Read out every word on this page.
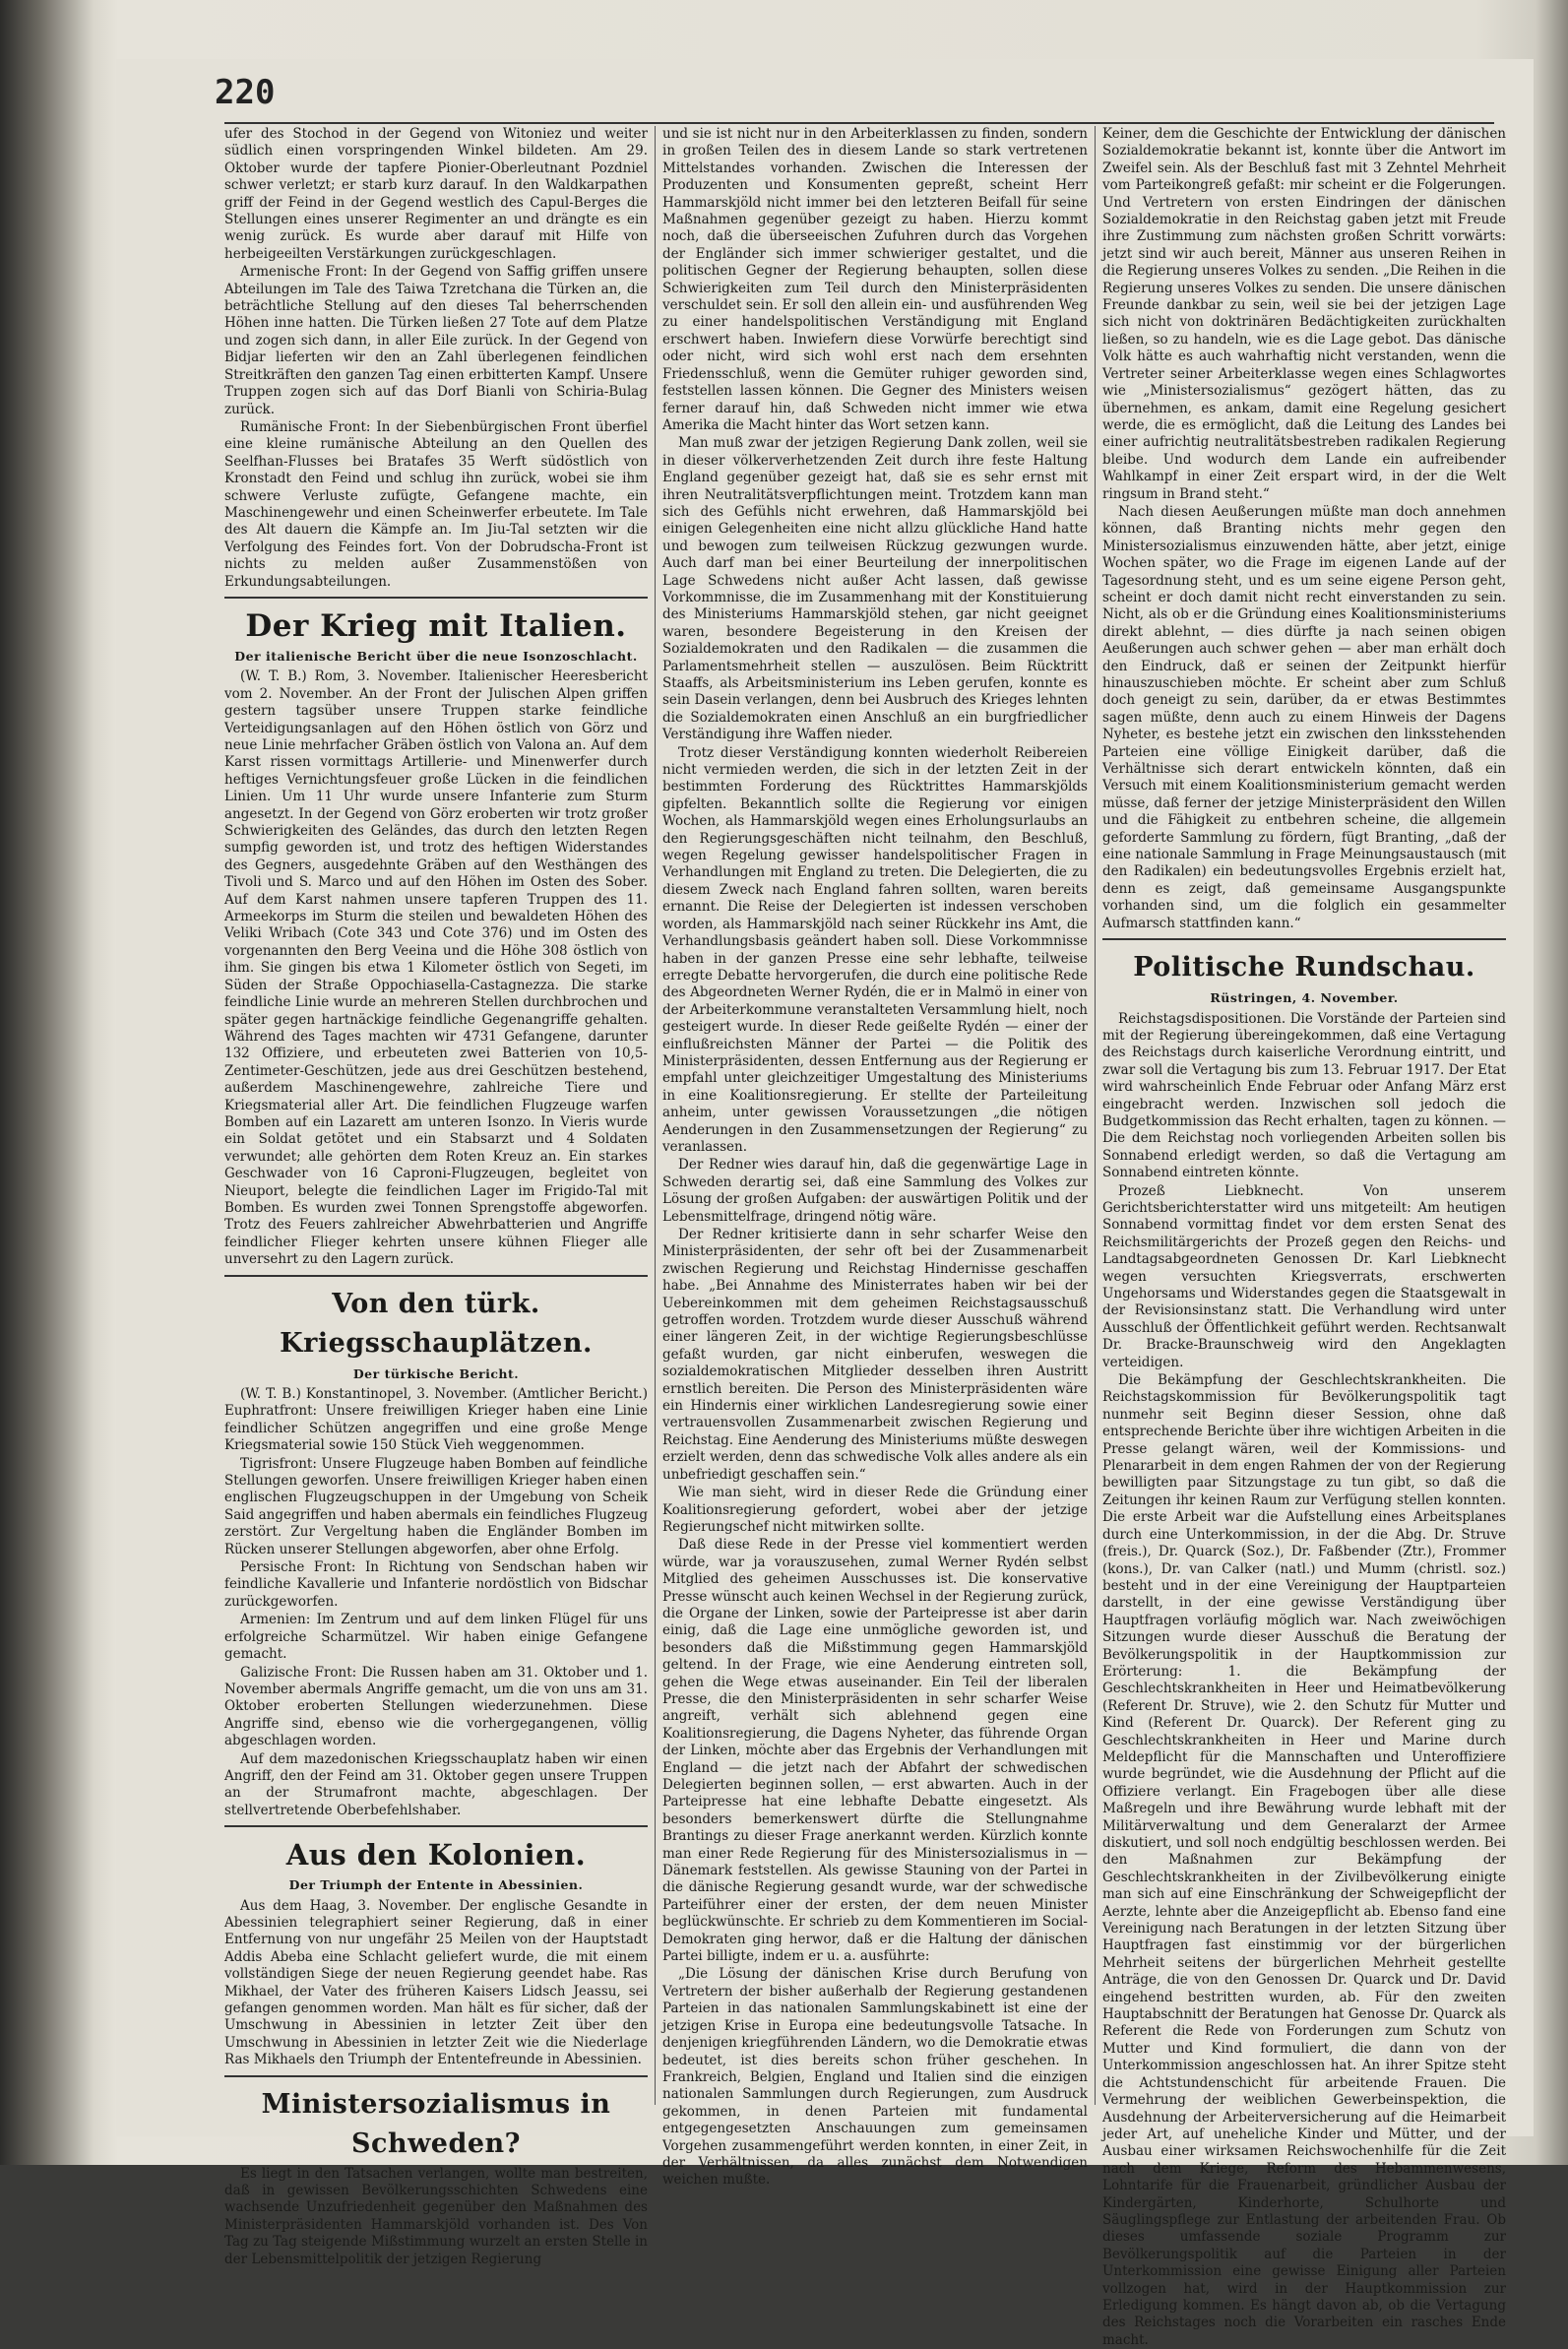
220

ufer des Stochod in der Gegend von Witoniez und weiter südlich einen vorspringenden Winkel bildeten. Am 29. Oktober wurde der tapfere Pionier-Oberleutnant Pozdniel schwer verletzt; er starb kurz darauf. In den Waldkarpathen griff der Feind in der Gegend westlich des Capul-Berges die Stellungen eines unserer Regimenter an und drängte es ein wenig zurück. Es wurde aber darauf mit Hilfe von herbeigeeilten Verstärkungen zurückgeschlagen.

Armenische Front: In der Gegend von Saffig griffen unsere Abteilungen im Tale des Taiwa Tzretchana die Türken an, die beträchtliche Stellung auf den dieses Tal beherrschenden Höhen inne hatten. Die Türken ließen 27 Tote auf dem Platze und zogen sich dann, in aller Eile zurück. In der Gegend von Bidjar lieferten wir den an Zahl überlegenen feindlichen Streitkräften den ganzen Tag einen erbitterten Kampf. Unsere Truppen zogen sich auf das Dorf Bianli von Schiria-Bulag zurück.

Rumänische Front: In der Siebenbürgischen Front überfiel eine kleine rumänische Abteilung an den Quellen des Seelfhan-Flusses bei Bratafes 35 Werft südöstlich von Kronstadt den Feind und schlug ihn zurück, wobei sie ihm schwere Verluste zufügte, Gefangene machte, ein Maschinengewehr und einen Scheinwerfer erbeutete. Im Tale des Alt dauern die Kämpfe an. Im Jiu-Tal setzten wir die Verfolgung des Feindes fort. Von der Dobrudscha-Front ist nichts zu melden außer Zusammenstößen von Erkundungsabteilungen.

Der Krieg mit Italien.
Der italienische Bericht über die neue Isonzoschlacht.

(W. T. B.) Rom, 3. November. Italienischer Heeresbericht vom 2. November. An der Front der Julischen Alpen griffen gestern tagsüber unsere Truppen starke feindliche Verteidigungsanlagen auf den Höhen östlich von Görz und neue Linie mehrfacher Gräben östlich von Valona an. Auf dem Karst rissen vormittags Artillerie- und Minenwerfer durch heftiges Vernichtungsfeuer große Lücken in die feindlichen Linien. Um 11 Uhr wurde unsere Infanterie zum Sturm angesetzt. In der Gegend von Görz eroberten wir trotz großer Schwierigkeiten des Geländes, das durch den letzten Regen sumpfig geworden ist, und trotz des heftigen Widerstandes des Gegners, ausgedehnte Gräben auf den Westhängen des Tivoli und S. Marco und auf den Höhen im Osten des Sober. Auf dem Karst nahmen unsere tapferen Truppen des 11. Armeekorps im Sturm die steilen und bewaldeten Höhen des Veliki Wribach (Cote 343 und Cote 376) und im Osten des vorgenannten den Berg Veeina und die Höhe 308 östlich von ihm. Sie gingen bis etwa 1 Kilometer östlich von Segeti, im Süden der Straße Oppochiasella-Castagnezza. Die starke feindliche Linie wurde an mehreren Stellen durchbrochen und später gegen hartnäckige feindliche Gegenangriffe gehalten. Während des Tages machten wir 4731 Gefangene, darunter 132 Offiziere, und erbeuteten zwei Batterien von 10,5-Zentimeter-Geschützen, jede aus drei Geschützen bestehend, außerdem Maschinengewehre, zahlreiche Tiere und Kriegsmaterial aller Art. Die feindlichen Flugzeuge warfen Bomben auf ein Lazarett am unteren Isonzo. In Vieris wurde ein Soldat getötet und ein Stabsarzt und 4 Soldaten verwundet; alle gehörten dem Roten Kreuz an. Ein starkes Geschwader von 16 Caproni-Flugzeugen, begleitet von Nieuport, belegte die feindlichen Lager im Frigido-Tal mit Bomben. Es wurden zwei Tonnen Sprengstoffe abgeworfen. Trotz des Feuers zahlreicher Abwehrbatterien und Angriffe feindlicher Flieger kehrten unsere kühnen Flieger alle unversehrt zu den Lagern zurück.

Von den türk. Kriegsschauplätzen.
Der türkische Bericht.

(W. T. B.) Konstantinopel, 3. November. (Amtlicher Bericht.) Euphratfront: Unsere freiwilligen Krieger haben eine Linie feindlicher Schützen angegriffen und eine große Menge Kriegsmaterial sowie 150 Stück Vieh weggenommen.

Tigrisfront: Unsere Flugzeuge haben Bomben auf feindliche Stellungen geworfen. Unsere freiwilligen Krieger haben einen englischen Flugzeugschuppen in der Umgebung von Scheik Said angegriffen und haben abermals ein feindliches Flugzeug zerstört. Zur Vergeltung haben die Engländer Bomben im Rücken unserer Stellungen abgeworfen, aber ohne Erfolg.

Persische Front: In Richtung von Sendschan haben wir feindliche Kavallerie und Infanterie nordöstlich von Bidschar zurückgeworfen.

Armenien: Im Zentrum und auf dem linken Flügel für uns erfolgreiche Scharmützel. Wir haben einige Gefangene gemacht.

Galizische Front: Die Russen haben am 31. Oktober und 1. November abermals Angriffe gemacht, um die von uns am 31. Oktober eroberten Stellungen wiederzunehmen. Diese Angriffe sind, ebenso wie die vorhergegangenen, völlig abgeschlagen worden.

Auf dem mazedonischen Kriegsschauplatz haben wir einen Angriff, den der Feind am 31. Oktober gegen unsere Truppen an der Strumafront machte, abgeschlagen. Der stellvertretende Oberbefehlshaber.

Aus den Kolonien.
Der Triumph der Entente in Abessinien.

Aus dem Haag, 3. November. Der englische Gesandte in Abessinien telegraphiert seiner Regierung, daß in einer Entfernung von nur ungefähr 25 Meilen von der Hauptstadt Addis Abeba eine Schlacht geliefert wurde, die mit einem vollständigen Siege der neuen Regierung geendet habe. Ras Mikhael, der Vater des früheren Kaisers Lidsch Jeassu, sei gefangen genommen worden. Man hält es für sicher, daß der Umschwung in Abessinien in letzter Zeit über den Umschwung in Abessinien in letzter Zeit wie die Niederlage Ras Mikhaels den Triumph der Ententefreunde in Abessinien.

Ministersozialismus in Schweden?

Es liegt in den Tatsachen verlangen, wollte man bestreiten, daß in gewissen Bevölkerungsschichten Schwedens eine wachsende Unzufriedenheit gegenüber den Maßnahmen des Ministerpräsidenten Hammarskjöld vorhanden ist. Des Von Tag zu Tag steigende Mißstimmung wurzelt an ersten Stelle in der Lebensmittelpolitik der jetzigen Regierung

und sie ist nicht nur in den Arbeiterklassen zu finden, sondern in großen Teilen des in diesem Lande so stark vertretenen Mittelstandes vorhanden. Zwischen die Interessen der Produzenten und Konsumenten gepreßt, scheint Herr Hammarskjöld nicht immer bei den letzteren Beifall für seine Maßnahmen gegenüber gezeigt zu haben. Hierzu kommt noch, daß die überseeischen Zufuhren durch das Vorgehen der Engländer sich immer schwieriger gestaltet, und die politischen Gegner der Regierung behaupten, sollen diese Schwierigkeiten zum Teil durch den Ministerpräsidenten verschuldet sein. Er soll den allein ein- und ausführenden Weg zu einer handelspolitischen Verständigung mit England erschwert haben. Inwiefern diese Vorwürfe berechtigt sind oder nicht, wird sich wohl erst nach dem ersehnten Friedensschluß, wenn die Gemüter ruhiger geworden sind, feststellen lassen können. Die Gegner des Ministers weisen ferner darauf hin, daß Schweden nicht immer wie etwa Amerika die Macht hinter das Wort setzen kann.

Man muß zwar der jetzigen Regierung Dank zollen, weil sie in dieser völkerverhetzenden Zeit durch ihre feste Haltung England gegenüber gezeigt hat, daß sie es sehr ernst mit ihren Neutralitätsverpflichtungen meint. Trotzdem kann man sich des Gefühls nicht erwehren, daß Hammarskjöld bei einigen Gelegenheiten eine nicht allzu glückliche Hand hatte und bewogen zum teilweisen Rückzug gezwungen wurde. Auch darf man bei einer Beurteilung der innerpolitischen Lage Schwedens nicht außer Acht lassen, daß gewisse Vorkommnisse, die im Zusammenhang mit der Konstituierung des Ministeriums Hammarskjöld stehen, gar nicht geeignet waren, besondere Begeisterung in den Kreisen der Sozialdemokraten und den Radikalen — die zusammen die Parlamentsmehrheit stellen — auszulösen. Beim Rücktritt Staaffs, als Arbeitsministerium ins Leben gerufen, konnte es sein Dasein verlangen, denn bei Ausbruch des Krieges lehnten die Sozialdemokraten einen Anschluß an ein burgfriedlicher Verständigung ihre Waffen nieder.

Trotz dieser Verständigung konnten wiederholt Reibereien nicht vermieden werden, die sich in der letzten Zeit in der bestimmten Forderung des Rücktrittes Hammarskjölds gipfelten. Bekanntlich sollte die Regierung vor einigen Wochen, als Hammarskjöld wegen eines Erholungsurlaubs an den Regierungsgeschäften nicht teilnahm, den Beschluß, wegen Regelung gewisser handelspolitischer Fragen in Verhandlungen mit England zu treten. Die Delegierten, die zu diesem Zweck nach England fahren sollten, waren bereits ernannt. Die Reise der Delegierten ist indessen verschoben worden, als Hammarskjöld nach seiner Rückkehr ins Amt, die Verhandlungsbasis geändert haben soll. Diese Vorkommnisse haben in der ganzen Presse eine sehr lebhafte, teilweise erregte Debatte hervorgerufen, die durch eine politische Rede des Abgeordneten Werner Rydén, die er in Malmö in einer von der Arbeiterkommune veranstalteten Versammlung hielt, noch gesteigert wurde. In dieser Rede geißelte Rydén — einer der einflußreichsten Männer der Partei — die Politik des Ministerpräsidenten, dessen Entfernung aus der Regierung er empfahl unter gleichzeitiger Umgestaltung des Ministeriums in eine Koalitionsregierung. Er stellte der Parteileitung anheim, unter gewissen Voraussetzungen „die nötigen Aenderungen in den Zusammensetzungen der Regierung“ zu veranlassen.

Der Redner wies darauf hin, daß die gegenwärtige Lage in Schweden derartig sei, daß eine Sammlung des Volkes zur Lösung der großen Aufgaben: der auswärtigen Politik und der Lebensmittelfrage, dringend nötig wäre.

Der Redner kritisierte dann in sehr scharfer Weise den Ministerpräsidenten, der sehr oft bei der Zusammenarbeit zwischen Regierung und Reichstag Hindernisse geschaffen habe. „Bei Annahme des Ministerrates haben wir bei der Uebereinkommen mit dem geheimen Reichstagsausschuß getroffen worden. Trotzdem wurde dieser Ausschuß während einer längeren Zeit, in der wichtige Regierungsbeschlüsse gefaßt wurden, gar nicht einberufen, weswegen die sozialdemokratischen Mitglieder desselben ihren Austritt ernstlich bereiten. Die Person des Ministerpräsidenten wäre ein Hindernis einer wirklichen Landesregierung sowie einer vertrauensvollen Zusammenarbeit zwischen Regierung und Reichstag. Eine Aenderung des Ministeriums müßte deswegen erzielt werden, denn das schwedische Volk alles andere als ein unbefriedigt geschaffen sein.“

Wie man sieht, wird in dieser Rede die Gründung einer Koalitionsregierung gefordert, wobei aber der jetzige Regierungschef nicht mitwirken sollte.

Daß diese Rede in der Presse viel kommentiert werden würde, war ja vorauszusehen, zumal Werner Rydén selbst Mitglied des geheimen Ausschusses ist. Die konservative Presse wünscht auch keinen Wechsel in der Regierung zurück, die Organe der Linken, sowie der Parteipresse ist aber darin einig, daß die Lage eine unmögliche geworden ist, und besonders daß die Mißstimmung gegen Hammarskjöld geltend. In der Frage, wie eine Aenderung eintreten soll, gehen die Wege etwas auseinander. Ein Teil der liberalen Presse, die den Ministerpräsidenten in sehr scharfer Weise angreift, verhält sich ablehnend gegen eine Koalitionsregierung, die Dagens Nyheter, das führende Organ der Linken, möchte aber das Ergebnis der Verhandlungen mit England — die jetzt nach der Abfahrt der schwedischen Delegierten beginnen sollen, — erst abwarten. Auch in der Parteipresse hat eine lebhafte Debatte eingesetzt. Als besonders bemerkenswert dürfte die Stellungnahme Brantings zu dieser Frage anerkannt werden. Kürzlich konnte man einer Rede Regierung für des Ministersozialismus in — Dänemark feststellen. Als gewisse Stauning von der Partei in die dänische Regierung gesandt wurde, war der schwedische Parteiführer einer der ersten, der dem neuen Minister beglückwünschte. Er schrieb zu dem Kommentieren im Social-Demokraten ging herwor, daß er die Haltung der dänischen Partei billigte, indem er u. a. ausführte:

„Die Lösung der dänischen Krise durch Berufung von Vertretern der bisher außerhalb der Regierung gestandenen Parteien in das nationalen Sammlungskabinett ist eine der jetzigen Krise in Europa eine bedeutungsvolle Tatsache. In denjenigen kriegführenden Ländern, wo die Demokratie etwas bedeutet, ist dies bereits schon früher geschehen. In Frankreich, Belgien, England und Italien sind die einzigen nationalen Sammlungen durch Regierungen, zum Ausdruck gekommen, in denen Parteien mit fundamental entgegengesetzten Anschauungen zum gemeinsamen Vorgehen zusammengeführt werden konnten, in einer Zeit, in der Verhältnissen, da alles zunächst dem Notwendigen weichen mußte.

Keiner, dem die Geschichte der Entwicklung der dänischen Sozialdemokratie bekannt ist, konnte über die Antwort im Zweifel sein. Als der Beschluß fast mit 3 Zehntel Mehrheit vom Parteikongreß gefaßt: mir scheint er die Folgerungen. Und Vertretern von ersten Eindringen der dänischen Sozialdemokratie in den Reichstag gaben jetzt mit Freude ihre Zustimmung zum nächsten großen Schritt vorwärts: jetzt sind wir auch bereit, Männer aus unseren Reihen in die Regierung unseres Volkes zu senden. „Die Reihen in die Regierung unseres Volkes zu senden. Die unsere dänischen Freunde dankbar zu sein, weil sie bei der jetzigen Lage sich nicht von doktrinären Bedächtigkeiten zurückhalten ließen, so zu handeln, wie es die Lage gebot. Das dänische Volk hätte es auch wahrhaftig nicht verstanden, wenn die Vertreter seiner Arbeiterklasse wegen eines Schlagwortes wie „Ministersozialismus“ gezögert hätten, das zu übernehmen, es ankam, damit eine Regelung gesichert werde, die es ermöglicht, daß die Leitung des Landes bei einer aufrichtig neutralitätsbestreben radikalen Regierung bleibe. Und wodurch dem Lande ein aufreibender Wahlkampf in einer Zeit erspart wird, in der die Welt ringsum in Brand steht.“

Nach diesen Aeußerungen müßte man doch annehmen können, daß Branting nichts mehr gegen den Ministersozialismus einzuwenden hätte, aber jetzt, einige Wochen später, wo die Frage im eigenen Lande auf der Tagesordnung steht, und es um seine eigene Person geht, scheint er doch damit nicht recht einverstanden zu sein. Nicht, als ob er die Gründung eines Koalitionsministeriums direkt ablehnt, — dies dürfte ja nach seinen obigen Aeußerungen auch schwer gehen — aber man erhält doch den Eindruck, daß er seinen der Zeitpunkt hierfür hinauszuschieben möchte. Er scheint aber zum Schluß doch geneigt zu sein, darüber, da er etwas Bestimmtes sagen müßte, denn auch zu einem Hinweis der Dagens Nyheter, es bestehe jetzt ein zwischen den linksstehenden Parteien eine völlige Einigkeit darüber, daß die Verhältnisse sich derart entwickeln könnten, daß ein Versuch mit einem Koalitionsministerium gemacht werden müsse, daß ferner der jetzige Ministerpräsident den Willen und die Fähigkeit zu entbehren scheine, die allgemein geforderte Sammlung zu fördern, fügt Branting, „daß der eine nationale Sammlung in Frage Meinungsaustausch (mit den Radikalen) ein bedeutungsvolles Ergebnis erzielt hat, denn es zeigt, daß gemeinsame Ausgangspunkte vorhanden sind, um die folglich ein gesammelter Aufmarsch stattfinden kann.“

Politische Rundschau.
Rüstringen, 4. November.

Reichstagsdispositionen. Die Vorstände der Parteien sind mit der Regierung übereingekommen, daß eine Vertagung des Reichstags durch kaiserliche Verordnung eintritt, und zwar soll die Vertagung bis zum 13. Februar 1917. Der Etat wird wahrscheinlich Ende Februar oder Anfang März erst eingebracht werden. Inzwischen soll jedoch die Budgetkommission das Recht erhalten, tagen zu können. — Die dem Reichstag noch vorliegenden Arbeiten sollen bis Sonnabend erledigt werden, so daß die Vertagung am Sonnabend eintreten könnte.

Prozeß Liebknecht. Von unserem Gerichtsberichterstatter wird uns mitgeteilt: Am heutigen Sonnabend vormittag findet vor dem ersten Senat des Reichsmilitärgerichts der Prozeß gegen den Reichs- und Landtagsabgeordneten Genossen Dr. Karl Liebknecht wegen versuchten Kriegsverrats, erschwerten Ungehorsams und Widerstandes gegen die Staatsgewalt in der Revisionsinstanz statt. Die Verhandlung wird unter Ausschluß der Öffentlichkeit geführt werden. Rechtsanwalt Dr. Bracke-Braunschweig wird den Angeklagten verteidigen.

Die Bekämpfung der Geschlechtskrankheiten. Die Reichstagskommission für Bevölkerungspolitik tagt nunmehr seit Beginn dieser Session, ohne daß entsprechende Berichte über ihre wichtigen Arbeiten in die Presse gelangt wären, weil der Kommissions- und Plenararbeit in dem engen Rahmen der von der Regierung bewilligten paar Sitzungstage zu tun gibt, so daß die Zeitungen ihr keinen Raum zur Verfügung stellen konnten. Die erste Arbeit war die Aufstellung eines Arbeitsplanes durch eine Unterkommission, in der die Abg. Dr. Struve (freis.), Dr. Quarck (Soz.), Dr. Faßbender (Ztr.), Frommer (kons.), Dr. van Calker (natl.) und Mumm (christl. soz.) besteht und in der eine Vereinigung der Hauptparteien darstellt, in der eine gewisse Verständigung über Hauptfragen vorläufig möglich war. Nach zweiwöchigen Sitzungen wurde dieser Ausschuß die Beratung der Bevölkerungspolitik in der Hauptkommission zur Erörterung: 1. die Bekämpfung der Geschlechtskrankheiten in Heer und Heimatbevölkerung (Referent Dr. Struve), wie 2. den Schutz für Mutter und Kind (Referent Dr. Quarck). Der Referent ging zu Geschlechtskrankheiten in Heer und Marine durch Meldepflicht für die Mannschaften und Unteroffiziere wurde begründet, wie die Ausdehnung der Pflicht auf die Offiziere verlangt. Ein Fragebogen über alle diese Maßregeln und ihre Bewährung wurde lebhaft mit der Militärverwaltung und dem Generalarzt der Armee diskutiert, und soll noch endgültig beschlossen werden. Bei den Maßnahmen zur Bekämpfung der Geschlechtskrankheiten in der Zivilbevölkerung einigte man sich auf eine Einschränkung der Schweigepflicht der Aerzte, lehnte aber die Anzeigepflicht ab. Ebenso fand eine Vereinigung nach Beratungen in der letzten Sitzung über Hauptfragen fast einstimmig vor der bürgerlichen Mehrheit seitens der bürgerlichen Mehrheit gestellte Anträge, die von den Genossen Dr. Quarck und Dr. David eingehend bestritten wurden, ab. Für den zweiten Hauptabschnitt der Beratungen hat Genosse Dr. Quarck als Referent die Rede von Forderungen zum Schutz von Mutter und Kind formuliert, die dann von der Unterkommission angeschlossen hat. An ihrer Spitze steht die Achtstundenschicht für arbeitende Frauen. Die Vermehrung der weiblichen Gewerbeinspektion, die Ausdehnung der Arbeiterversicherung auf die Heimarbeit jeder Art, auf uneheliche Kinder und Mütter, und der Ausbau einer wirksamen Reichswochenhilfe für die Zeit nach dem Kriege, Reform des Hebammenwesens, Lohntarife für die Frauenarbeit, gründlicher Ausbau der Kindergärten, Kinderhorte, Schulhorte und Säuglingspflege zur Entlastung der arbeitenden Frau. Ob dieses umfassende soziale Programm zur Bevölkerungspolitik auf die Parteien in der Unterkommission eine gewisse Einigung aller Parteien vollzogen hat, wird in der Hauptkommission zur Erledigung kommen. Es hängt davon ab, ob die Vertagung des Reichstages noch die Vorarbeiten ein rasches Ende macht.
